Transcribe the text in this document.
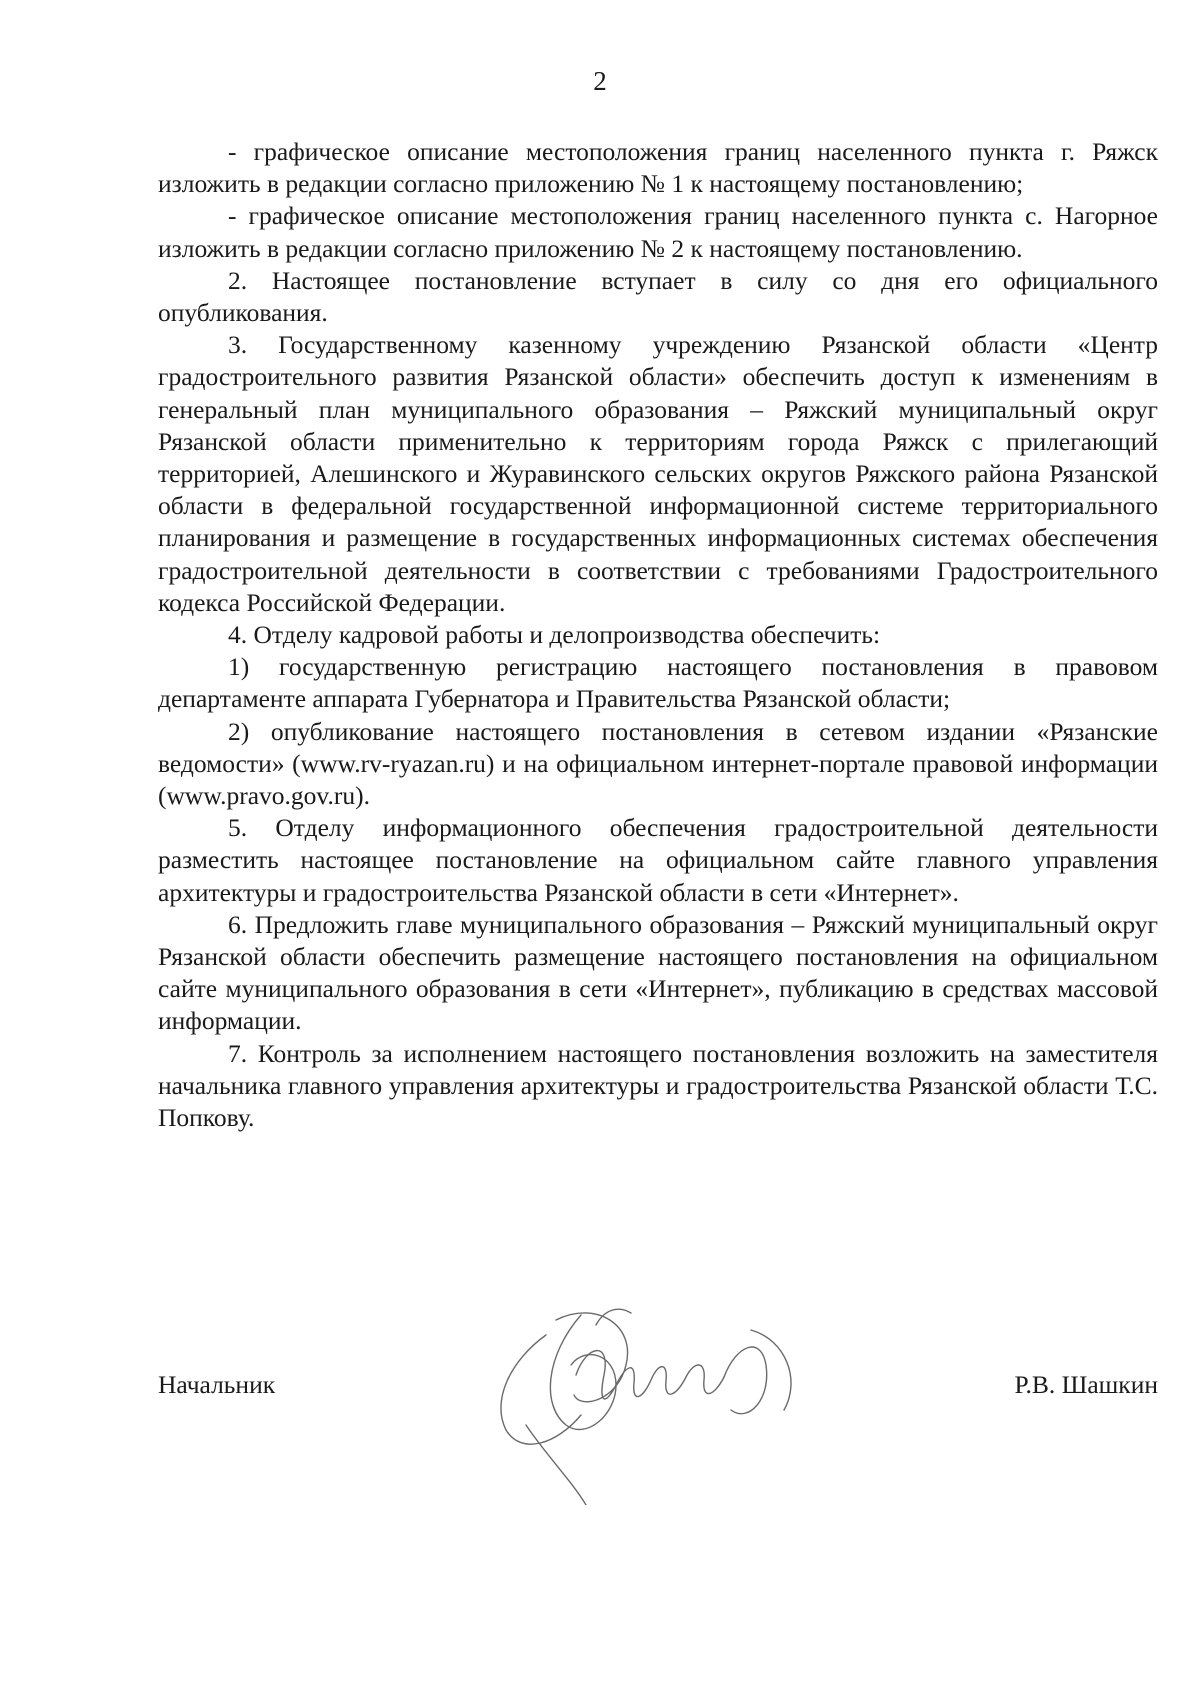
2

- графическое описание местоположения границ населенного пункта г. Ряжск изложить в редакции согласно приложению № 1 к настоящему постановлению;

- графическое описание местоположения границ населенного пункта с. Нагорное изложить в редакции согласно приложению № 2 к настоящему постановлению.

2. Настоящее постановление вступает в силу со дня его официального опубликования.

3. Государственному казенному учреждению Рязанской области «Центр градостроительного развития Рязанской области» обеспечить доступ к изменениям в генеральный план муниципального образования – Ряжский муниципальный округ Рязанской области применительно к территориям города Ряжск с прилегающий территорией, Алешинского и Журавинского сельских округов Ряжского района Рязанской области в федеральной государственной информационной системе территориального планирования и размещение в государственных информационных системах обеспечения градостроительной деятельности в соответствии с требованиями Градостроительного кодекса Российской Федерации.

4. Отделу кадровой работы и делопроизводства обеспечить:

1) государственную регистрацию настоящего постановления в правовом департаменте аппарата Губернатора и Правительства Рязанской области;

2) опубликование настоящего постановления в сетевом издании «Рязанские ведомости» (www.rv-ryazan.ru) и на официальном интернет-портале правовой информации (www.pravo.gov.ru).

5. Отделу информационного обеспечения градостроительной деятельности разместить настоящее постановление на официальном сайте главного управления архитектуры и градостроительства Рязанской области в сети «Интернет».

6. Предложить главе муниципального образования – Ряжский муниципальный округ Рязанской области обеспечить размещение настоящего постановления на официальном сайте муниципального образования в сети «Интернет», публикацию в средствах массовой информации.

7. Контроль за исполнением настоящего постановления возложить на заместителя начальника главного управления архитектуры и градостроительства Рязанской области Т.С. Попкову.

Начальник	Р.В. Шашкин
